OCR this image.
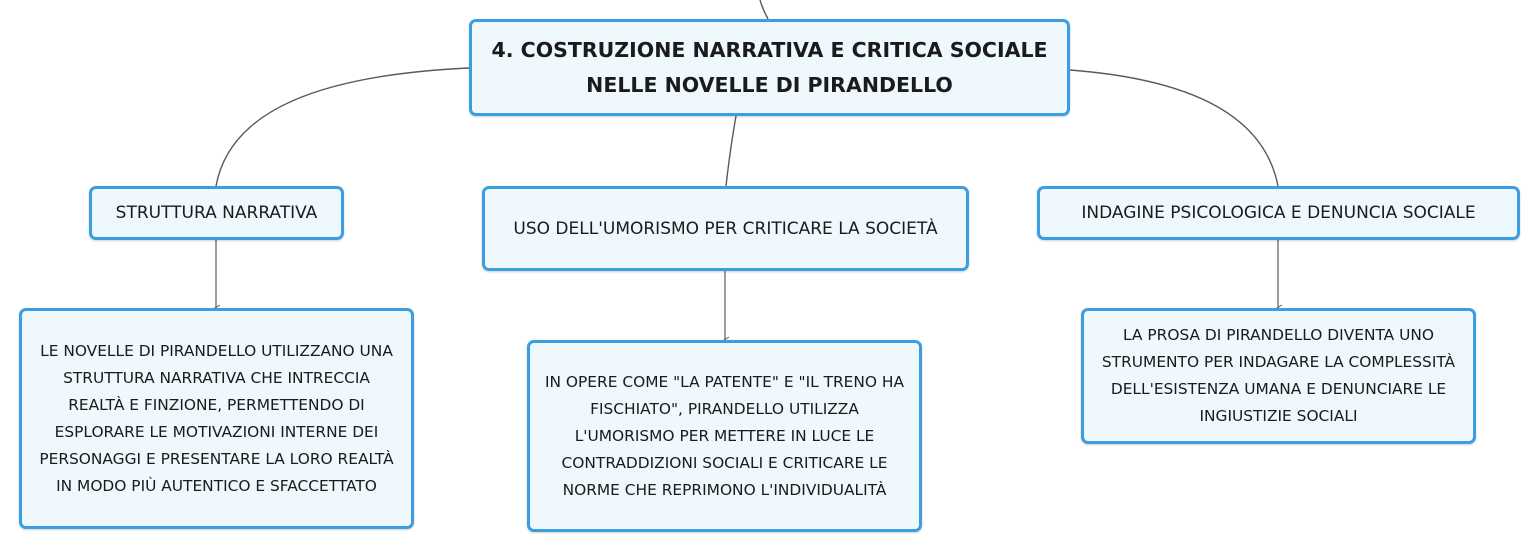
4. COSTRUZIONE NARRATIVA E CRITICA SOCIALE
NELLE NOVELLE DI PIRANDELLO
STRUTTURA NARRATIVA
USO DELL'UMORISMO PER CRITICARE LA SOCIETÀ
INDAGINE PSICOLOGICA E DENUNCIA SOCIALE
LE NOVELLE DI PIRANDELLO UTILIZZANO UNA
STRUTTURA NARRATIVA CHE INTRECCIA
REALTÀ E FINZIONE, PERMETTENDO DI
ESPLORARE LE MOTIVAZIONI INTERNE DEI
PERSONAGGI E PRESENTARE LA LORO REALTÀ
IN MODO PIÙ AUTENTICO E SFACCETTATO
IN OPERE COME "LA PATENTE" E "IL TRENO HA
FISCHIATO", PIRANDELLO UTILIZZA
L'UMORISMO PER METTERE IN LUCE LE
CONTRADDIZIONI SOCIALI E CRITICARE LE
NORME CHE REPRIMONO L'INDIVIDUALITÀ
LA PROSA DI PIRANDELLO DIVENTA UNO
STRUMENTO PER INDAGARE LA COMPLESSITÀ
DELL'ESISTENZA UMANA E DENUNCIARE LE
INGIUSTIZIE SOCIALI
